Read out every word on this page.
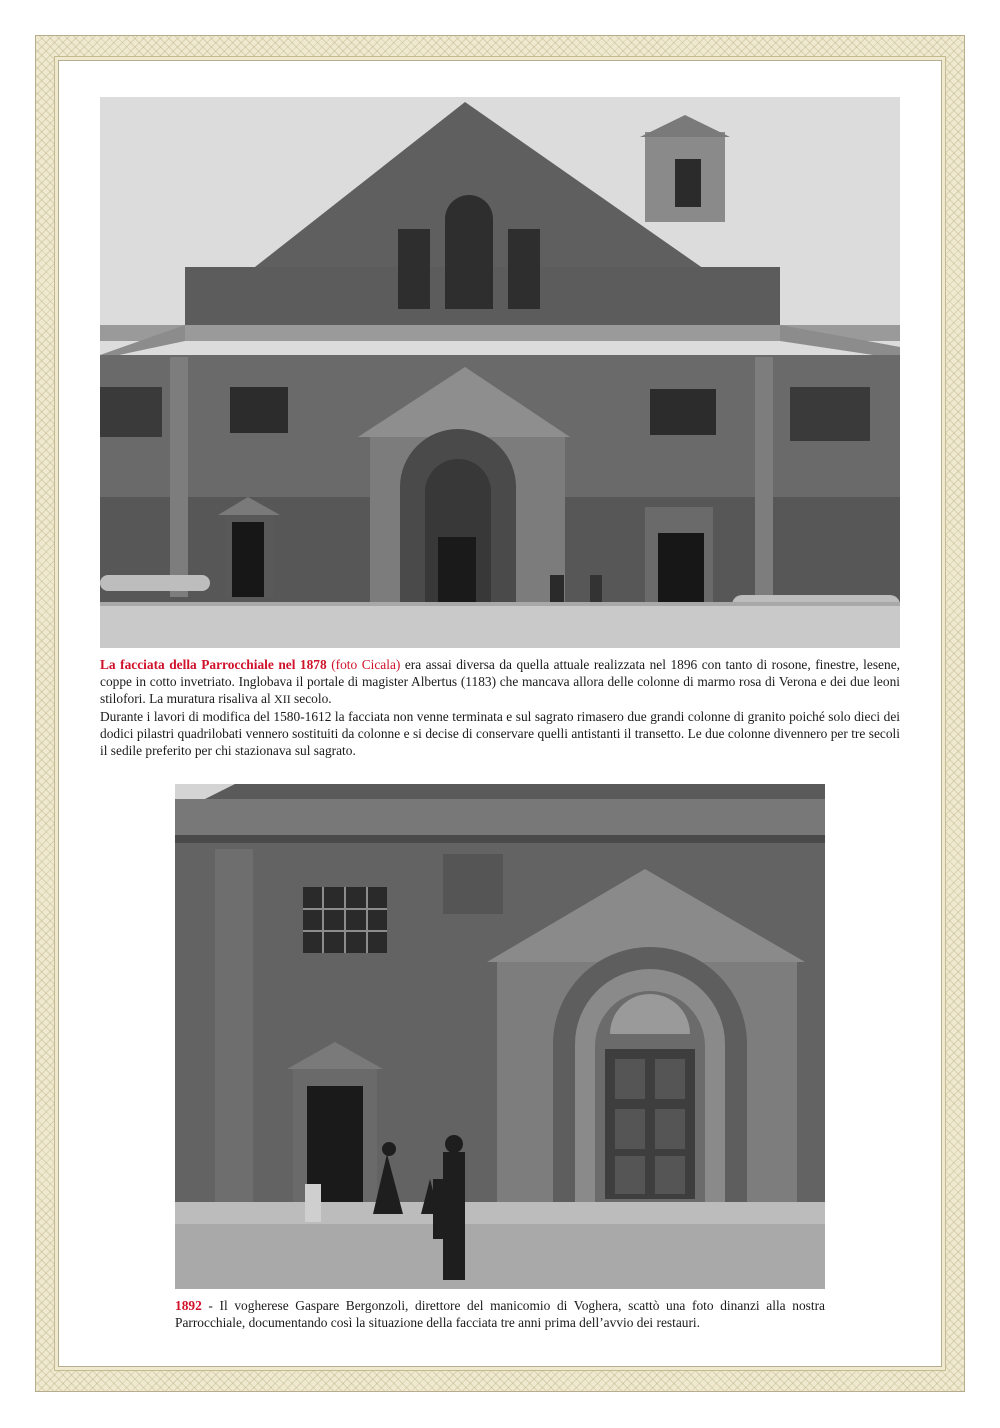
La facciata della Parrocchiale nel 1878 (foto Cicala) era assai diversa da quella attuale realizzata nel 1896 con tanto di rosone, finestre, lesene, coppe in cotto invetriato. Inglobava il portale di magister Albertus (1183) che mancava allora delle colonne di marmo rosa di Verona e dei due leoni stilofori. La muratura risaliva al XII secolo.

Durante i lavori di modifica del 1580-1612 la facciata non venne terminata e sul sagrato rimasero due grandi colonne di granito poiché solo dieci dei dodici pilastri quadrilobati vennero sostituiti da colonne e si decise di conservare quelli antistanti il transetto. Le due colonne divennero per tre secoli il sedile preferito per chi stazionava sul sagrato.

1892 - Il vogherese Gaspare Bergonzoli, direttore del manicomio di Voghera, scattò una foto dinanzi alla nostra Parrocchiale, documentando così la situazione della facciata tre anni prima dell’avvio dei restauri.
